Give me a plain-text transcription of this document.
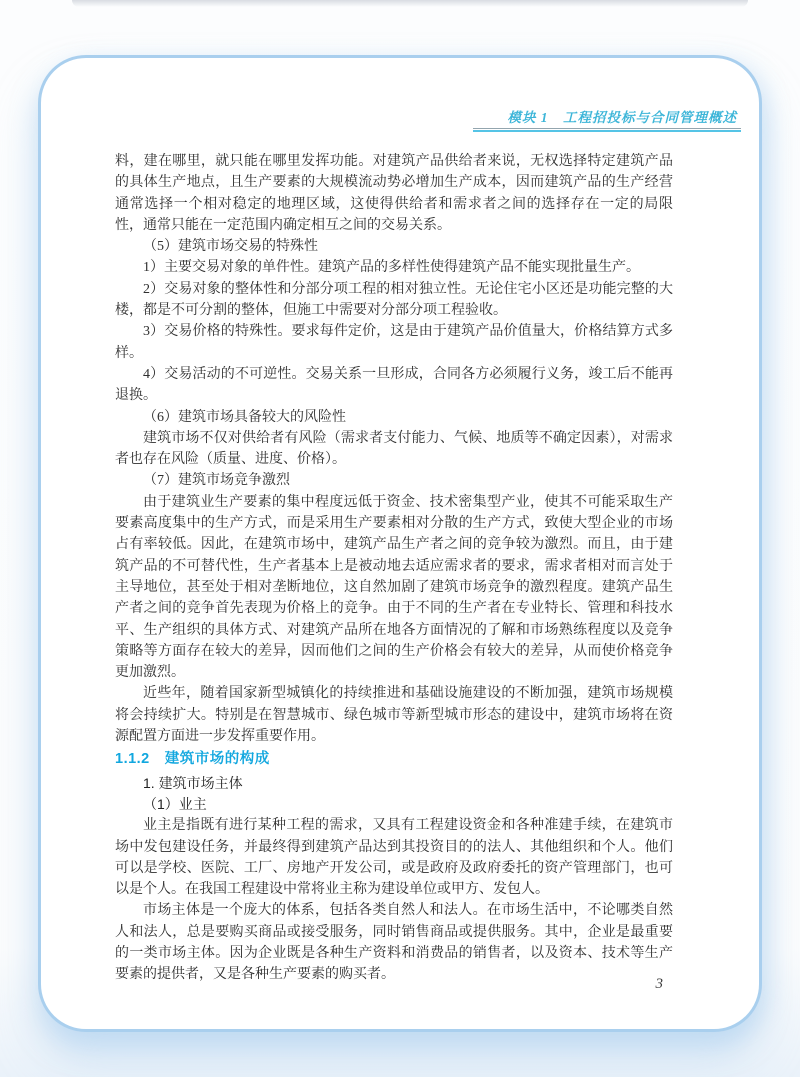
模块 1　工程招投标与合同管理概述
料，建在哪里，就只能在哪里发挥功能。对建筑产品供给者来说，无权选择特定建筑产品的具体生产地点，且生产要素的大规模流动势必增加生产成本，因而建筑产品的生产经营通常选择一个相对稳定的地理区域，这使得供给者和需求者之间的选择存在一定的局限性，通常只能在一定范围内确定相互之间的交易关系。
（5）建筑市场交易的特殊性
1）主要交易对象的单件性。建筑产品的多样性使得建筑产品不能实现批量生产。
2）交易对象的整体性和分部分项工程的相对独立性。无论住宅小区还是功能完整的大楼，都是不可分割的整体，但施工中需要对分部分项工程验收。
3）交易价格的特殊性。要求每件定价，这是由于建筑产品价值量大，价格结算方式多样。
4）交易活动的不可逆性。交易关系一旦形成，合同各方必须履行义务，竣工后不能再退换。
（6）建筑市场具备较大的风险性
建筑市场不仅对供给者有风险（需求者支付能力、气候、地质等不确定因素），对需求者也存在风险（质量、进度、价格）。
（7）建筑市场竞争激烈
由于建筑业生产要素的集中程度远低于资金、技术密集型产业，使其不可能采取生产要素高度集中的生产方式，而是采用生产要素相对分散的生产方式，致使大型企业的市场占有率较低。因此，在建筑市场中，建筑产品生产者之间的竞争较为激烈。而且，由于建筑产品的不可替代性，生产者基本上是被动地去适应需求者的要求，需求者相对而言处于主导地位，甚至处于相对垄断地位，这自然加剧了建筑市场竞争的激烈程度。建筑产品生产者之间的竞争首先表现为价格上的竞争。由于不同的生产者在专业特长、管理和科技水平、生产组织的具体方式、对建筑产品所在地各方面情况的了解和市场熟练程度以及竞争策略等方面存在较大的差异，因而他们之间的生产价格会有较大的差异，从而使价格竞争更加激烈。
近些年，随着国家新型城镇化的持续推进和基础设施建设的不断加强，建筑市场规模将会持续扩大。特别是在智慧城市、绿色城市等新型城市形态的建设中，建筑市场将在资源配置方面进一步发挥重要作用。
1.1.2　建筑市场的构成
1. 建筑市场主体
（1）业主
业主是指既有进行某种工程的需求，又具有工程建设资金和各种准建手续，在建筑市场中发包建设任务，并最终得到建筑产品达到其投资目的的法人、其他组织和个人。他们可以是学校、医院、工厂、房地产开发公司，或是政府及政府委托的资产管理部门，也可以是个人。在我国工程建设中常将业主称为建设单位或甲方、发包人。
市场主体是一个庞大的体系，包括各类自然人和法人。在市场生活中，不论哪类自然人和法人，总是要购买商品或接受服务，同时销售商品或提供服务。其中，企业是最重要的一类市场主体。因为企业既是各种生产资料和消费品的销售者，以及资本、技术等生产要素的提供者，又是各种生产要素的购买者。
3
